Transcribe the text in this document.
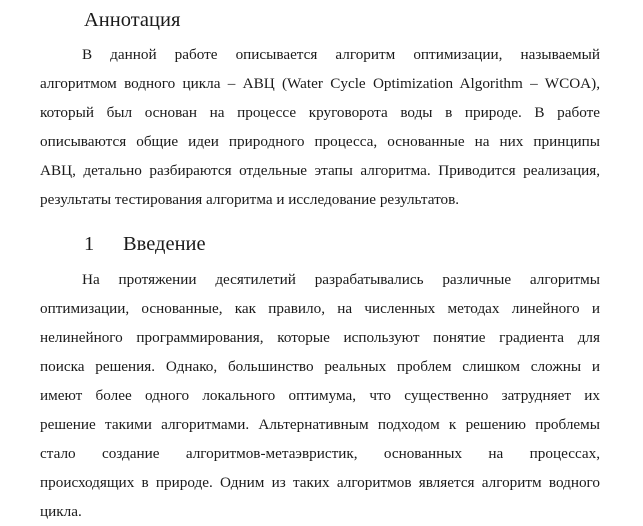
Аннотация
В данной работе описывается алгоритм оптимизации, называемый
алгоритмом водного цикла – АВЦ (Water Cycle Optimization Algorithm – WCOA),
который был основан на процессе круговорота воды в природе. В работе
описываются общие идеи природного процесса, основанные на них принципы
АВЦ, детально разбираются отдельные этапы алгоритма. Приводится реализация,
результаты тестирования алгоритма и исследование результатов.
1 Введение
На протяжении десятилетий разрабатывались различные алгоритмы
оптимизации, основанные, как правило, на численных методах линейного и
нелинейного программирования, которые используют понятие градиента для
поиска решения. Однако, большинство реальных проблем слишком сложны и
имеют более одного локального оптимума, что существенно затрудняет их
решение такими алгоритмами. Альтернативным подходом к решению проблемы
стало создание алгоритмов-метаэвристик, основанных на процессах,
происходящих в природе. Одним из таких алгоритмов является алгоритм водного
цикла.
